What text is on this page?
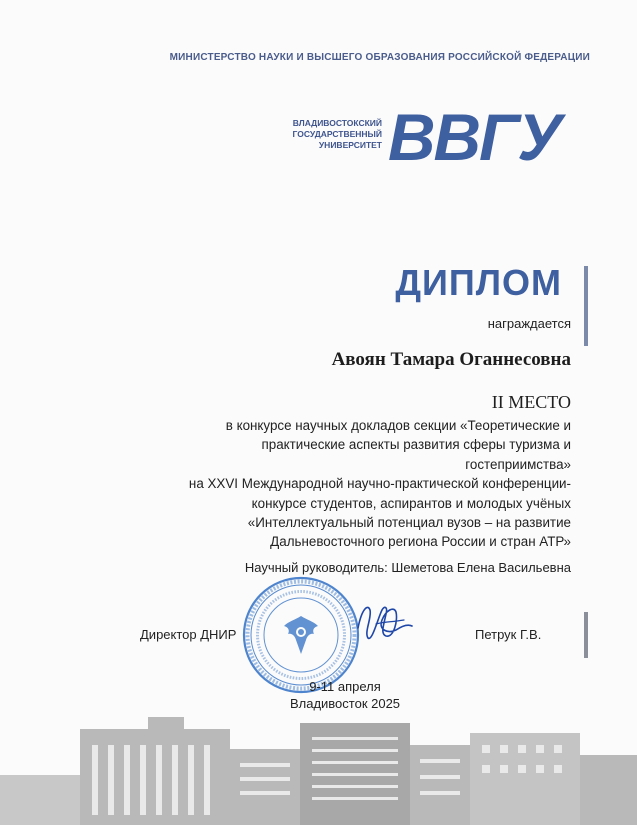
МИНИСТЕРСТВО НАУКИ И ВЫСШЕГО ОБРАЗОВАНИЯ РОССИЙСКОЙ ФЕДЕРАЦИИ
ВЛАДИВОСТОКСКИЙ
ГОСУДАРСТВЕННЫЙ
УНИВЕРСИТЕТ ВВГУ
ДИПЛОМ
награждается
Авоян Тамара Оганнесовна
II МЕСТО
в конкурсе научных докладов секции «Теоретические и
практические аспекты развития сферы туризма и
гостеприимства»
на XXVI Международной научно-практической конференции-
конкурсе студентов, аспирантов и молодых учёных
«Интеллектуальный потенциал вузов – на развитие
Дальневосточного региона России и стран АТР»
Научный руководитель: Шеметова Елена Васильевна
Директор ДНИР	Петрук Г.В.
9-11 апреля
Владивосток 2025
